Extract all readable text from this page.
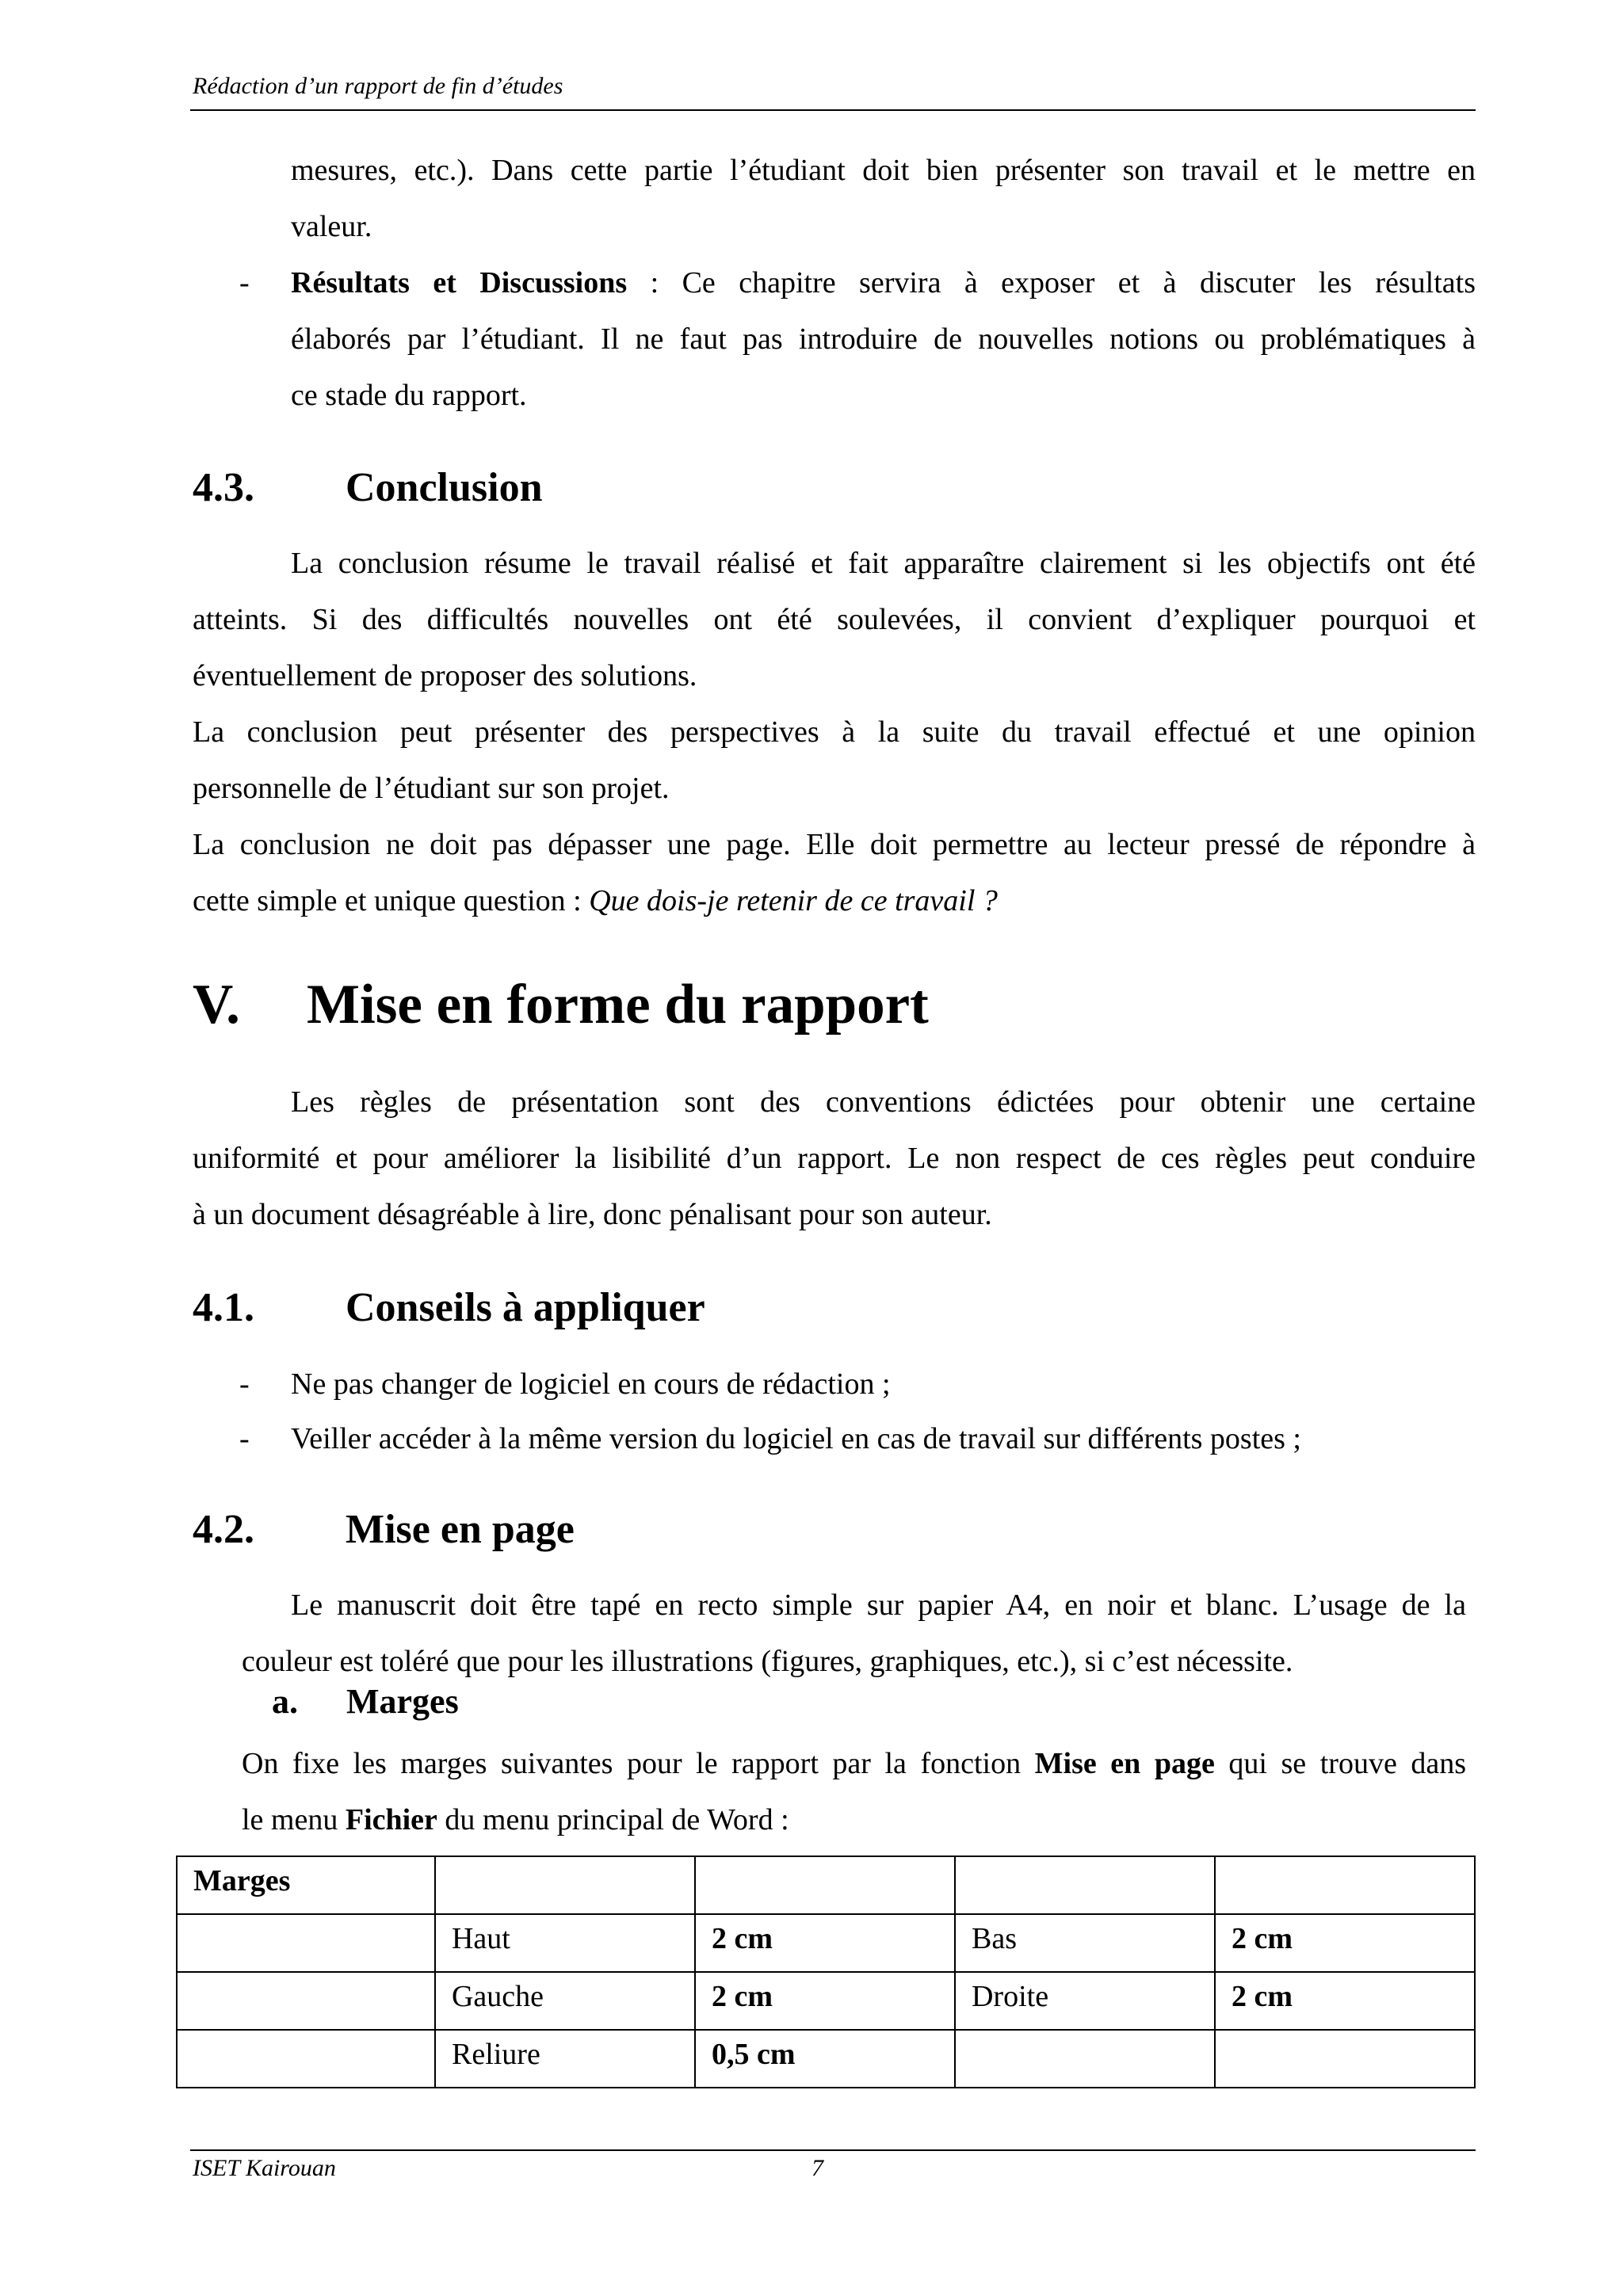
Rédaction d’un rapport de fin d’études
mesures, etc.). Dans cette partie l’étudiant doit bien présenter son travail et le mettre en
valeur.
- Résultats et Discussions : Ce chapitre servira à exposer et à discuter les résultats
élaborés par l’étudiant. Il ne faut pas introduire de nouvelles notions ou problématiques à
ce stade du rapport.
4.3. Conclusion
La conclusion résume le travail réalisé et fait apparaître clairement si les objectifs ont été
atteints. Si des difficultés nouvelles ont été soulevées, il convient d’expliquer pourquoi et
éventuellement de proposer des solutions.
La conclusion peut présenter des perspectives à la suite du travail effectué et une opinion
personnelle de l’étudiant sur son projet.
La conclusion ne doit pas dépasser une page. Elle doit permettre au lecteur pressé de répondre à
cette simple et unique question : Que dois-je retenir de ce travail ?
V. Mise en forme du rapport
Les règles de présentation sont des conventions édictées pour obtenir une certaine
uniformité et pour améliorer la lisibilité d’un rapport. Le non respect de ces règles peut conduire
à un document désagréable à lire, donc pénalisant pour son auteur.
4.1. Conseils à appliquer
- Ne pas changer de logiciel en cours de rédaction ;
- Veiller accéder à la même version du logiciel en cas de travail sur différents postes ;
4.2. Mise en page
Le manuscrit doit être tapé en recto simple sur papier A4, en noir et blanc. L’usage de la
couleur est toléré que pour les illustrations (figures, graphiques, etc.), si c’est nécessite.
a. Marges
On fixe les marges suivantes pour le rapport par la fonction Mise en page qui se trouve dans
le menu Fichier du menu principal de Word :
Marges				
	Haut	2 cm	Bas	2 cm
	Gauche	2 cm	Droite	2 cm
	Reliure	0,5 cm		
ISET Kairouan	7
